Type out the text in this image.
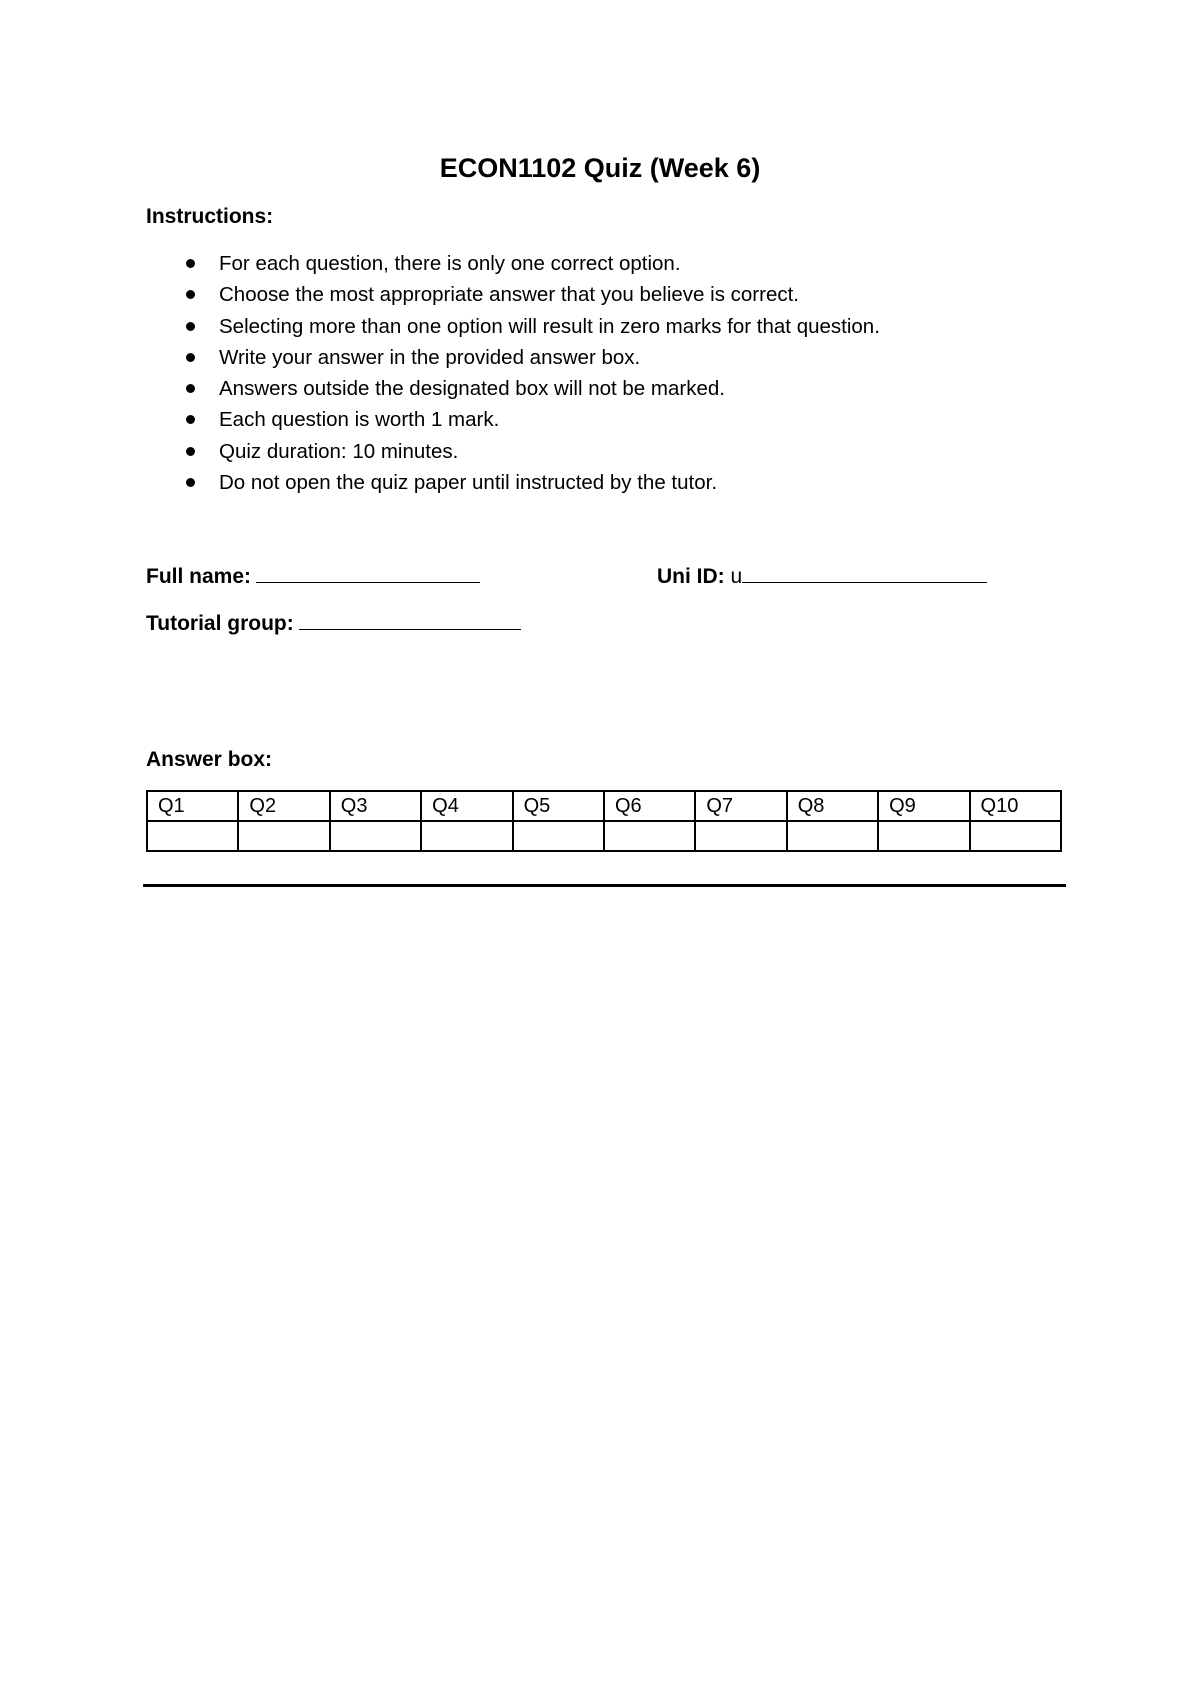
ECON1102 Quiz (Week 6)
Instructions:
For each question, there is only one correct option.
Choose the most appropriate answer that you believe is correct.
Selecting more than one option will result in zero marks for that question.
Write your answer in the provided answer box.
Answers outside the designated box will not be marked.
Each question is worth 1 mark.
Quiz duration: 10 minutes.
Do not open the quiz paper until instructed by the tutor.
Full name:	Uni ID: u
Tutorial group:
Answer box:
Q1	Q2	Q3	Q4	Q5	Q6	Q7	Q8	Q9	Q10
